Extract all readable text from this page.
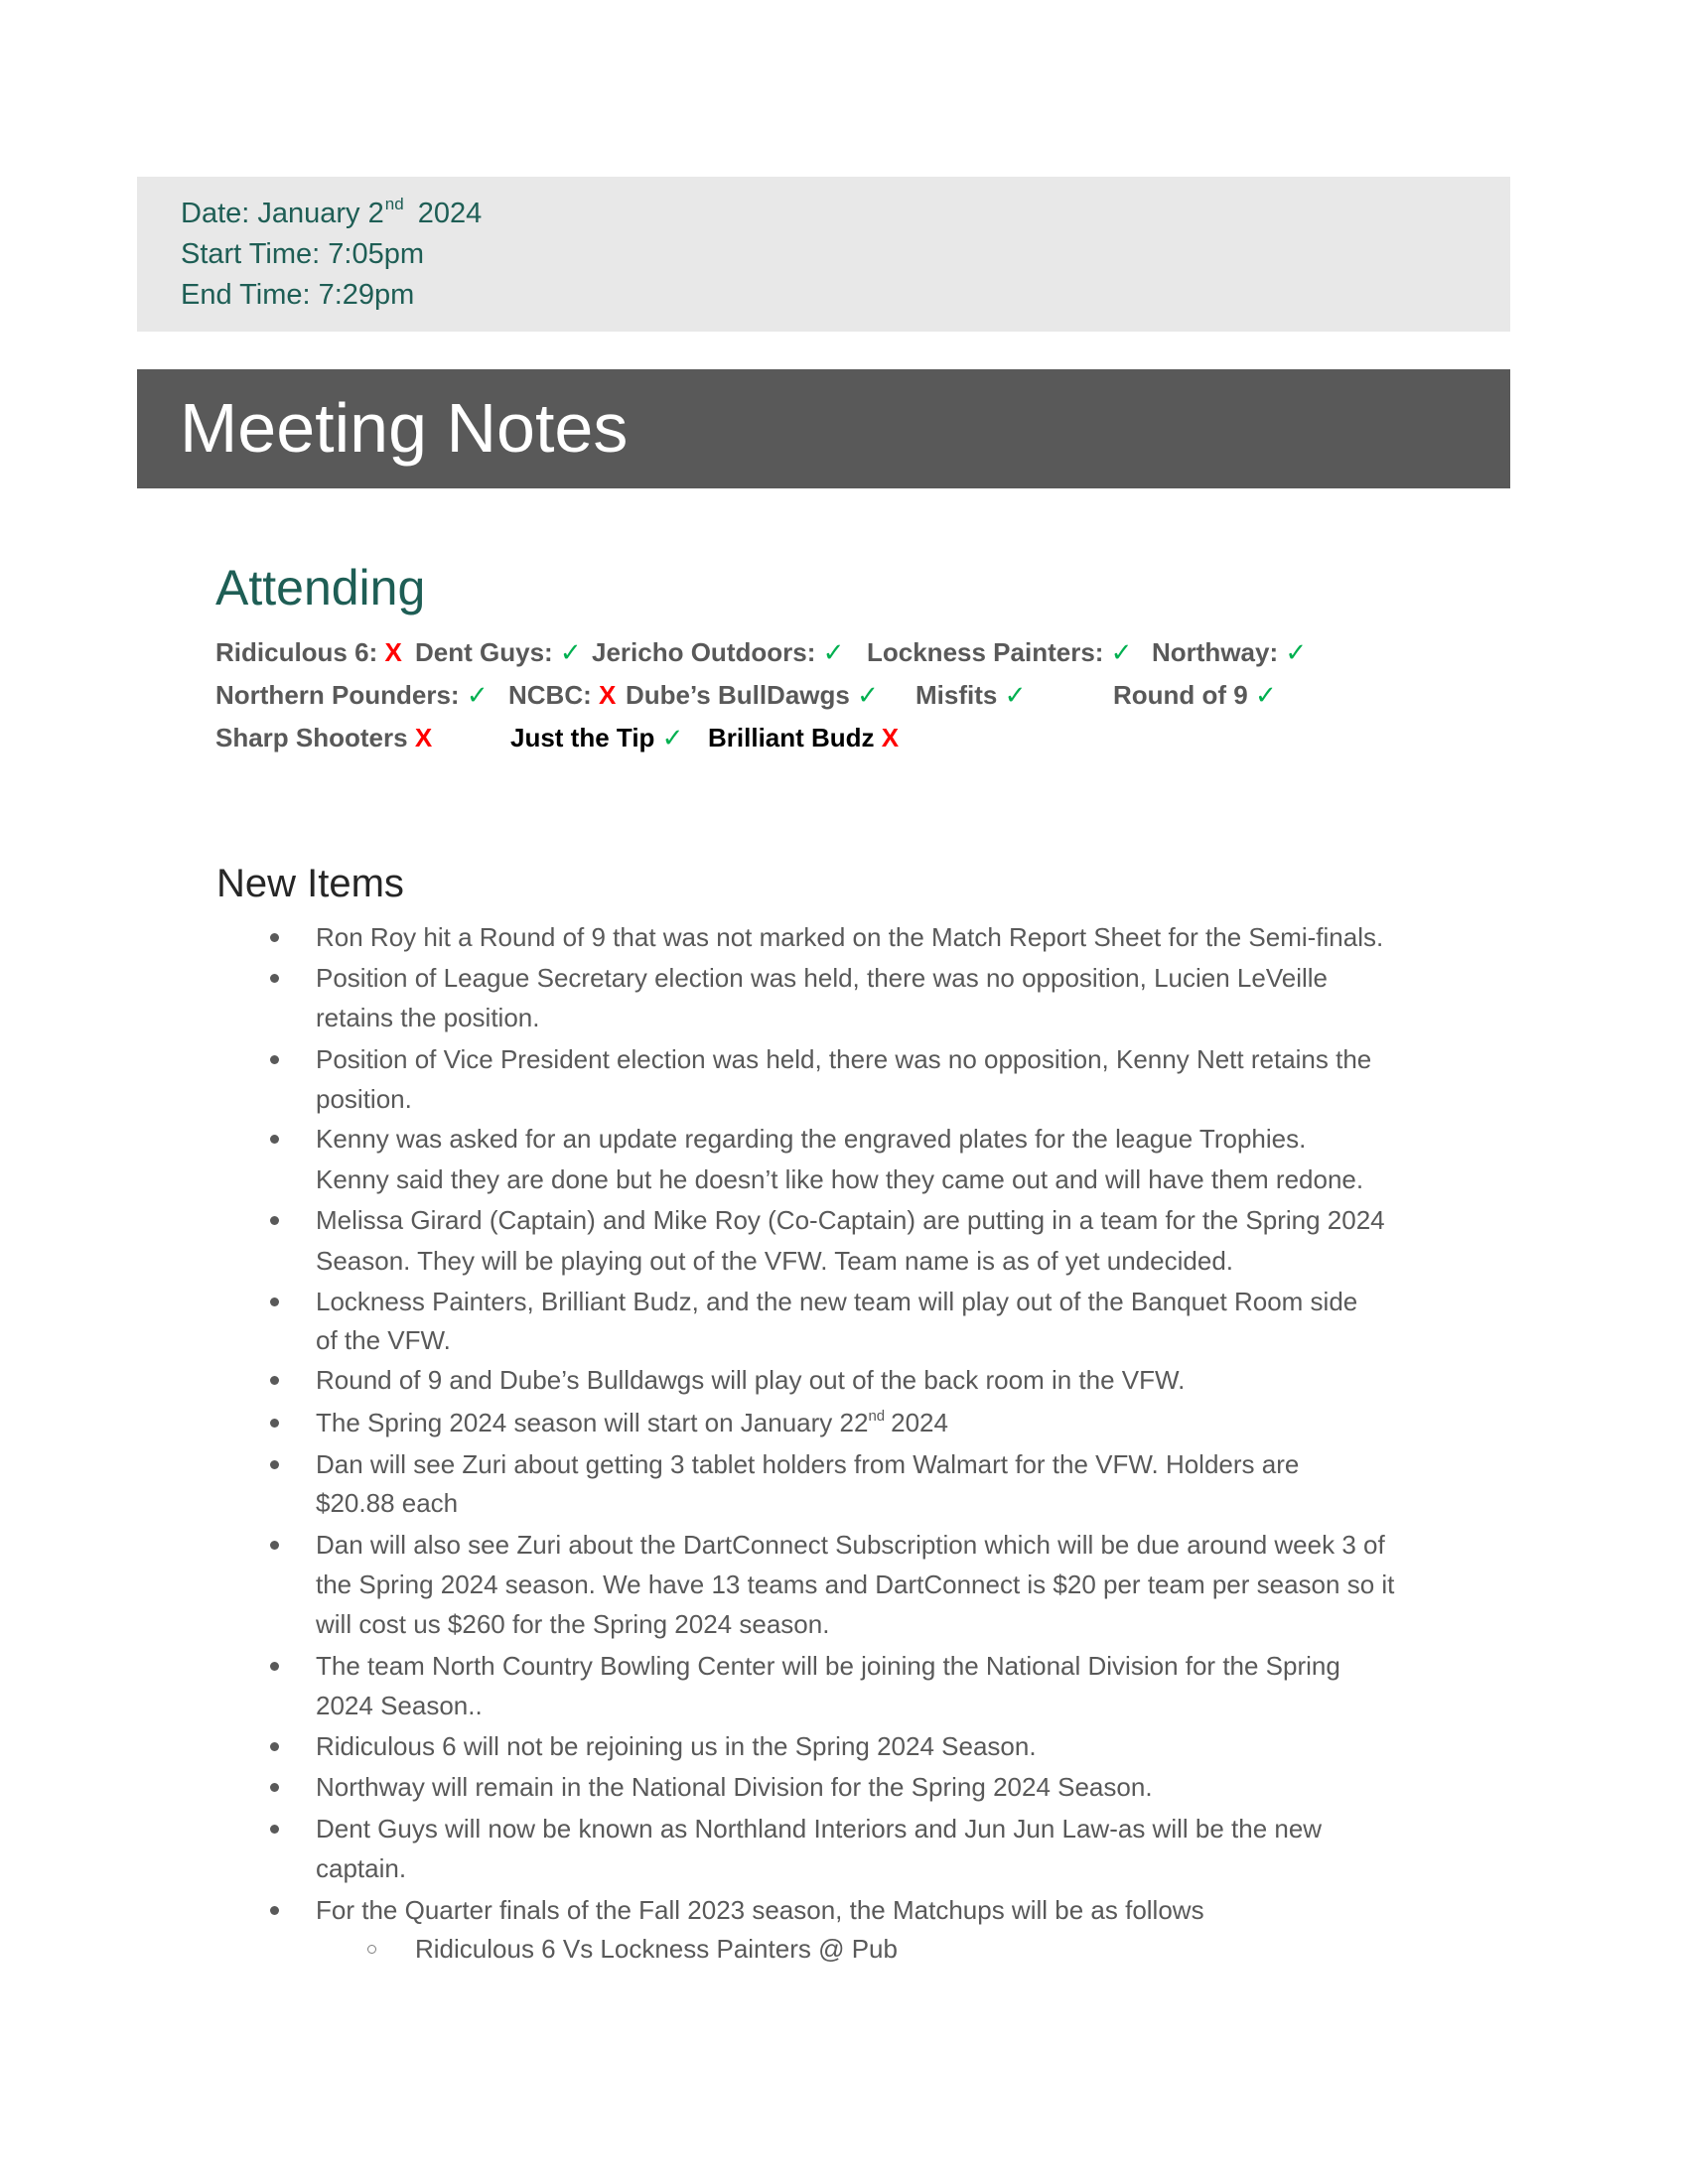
Date: January 2nd 2024
Start Time: 7:05pm
End Time: 7:29pm
Meeting Notes
Attending
Ridiculous 6: X Dent Guys: ✓ Jericho Outdoors: ✓ Lockness Painters: ✓ Northway: ✓
Northern Pounders: ✓ NCBC: X Dube’s BullDawgs ✓ Misfits ✓	Round of 9 ✓
Sharp Shooters X	Just the Tip ✓ Brilliant Budz X
New Items
Ron Roy hit a Round of 9 that was not marked on the Match Report Sheet for the Semi-finals.
Position of League Secretary election was held, there was no opposition, Lucien LeVeille
retains the position.
Position of Vice President election was held, there was no opposition, Kenny Nett retains the
position.
Kenny was asked for an update regarding the engraved plates for the league Trophies.
Kenny said they are done but he doesn’t like how they came out and will have them redone.
Melissa Girard (Captain) and Mike Roy (Co-Captain) are putting in a team for the Spring 2024
Season. They will be playing out of the VFW. Team name is as of yet undecided.
Lockness Painters, Brilliant Budz, and the new team will play out of the Banquet Room side
of the VFW.
Round of 9 and Dube’s Bulldawgs will play out of the back room in the VFW.
The Spring 2024 season will start on January 22nd 2024
Dan will see Zuri about getting 3 tablet holders from Walmart for the VFW. Holders are
$20.88 each
Dan will also see Zuri about the DartConnect Subscription which will be due around week 3 of
the Spring 2024 season. We have 13 teams and DartConnect is $20 per team per season so it
will cost us $260 for the Spring 2024 season.
The team North Country Bowling Center will be joining the National Division for the Spring
2024 Season..
Ridiculous 6 will not be rejoining us in the Spring 2024 Season.
Northway will remain in the National Division for the Spring 2024 Season.
Dent Guys will now be known as Northland Interiors and Jun Jun Law-as will be the new
captain.
For the Quarter finals of the Fall 2023 season, the Matchups will be as follows
Ridiculous 6 Vs Lockness Painters @ Pub
